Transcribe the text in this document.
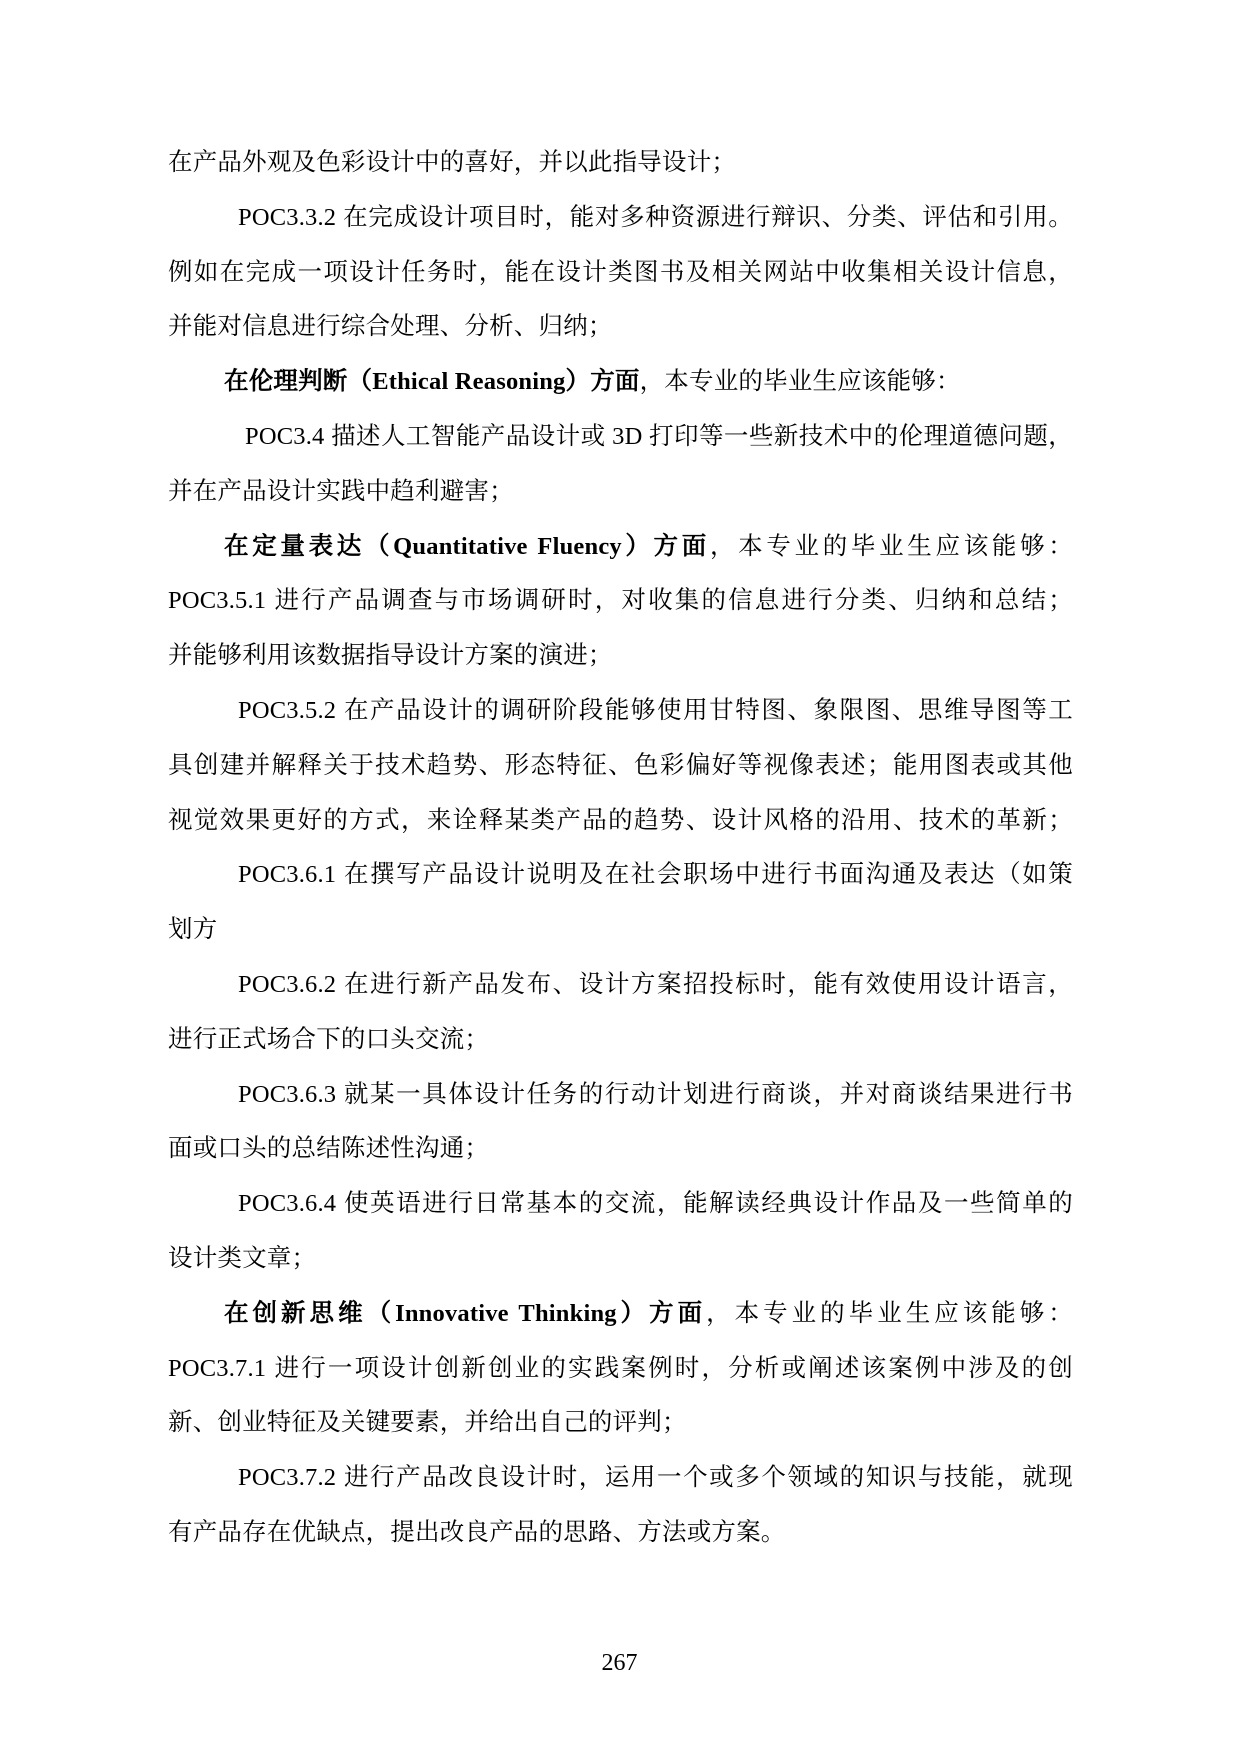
在产品外观及色彩设计中的喜好，并以此指导设计；
POC3.3.2 在完成设计项目时，能对多种资源进行辩识、分类、评估和引用。
例如在完成一项设计任务时，能在设计类图书及相关网站中收集相关设计信息，
并能对信息进行综合处理、分析、归纳；
在伦理判断（Ethical Reasoning）方面，本专业的毕业生应该能够：
POC3.4 描述人工智能产品设计或 3D 打印等一些新技术中的伦理道德问题，
并在产品设计实践中趋利避害；
在定量表达（Quantitative Fluency）方面，本专业的毕业生应该能够：
POC3.5.1 进行产品调查与市场调研时，对收集的信息进行分类、归纳和总结；
并能够利用该数据指导设计方案的演进；
POC3.5.2 在产品设计的调研阶段能够使用甘特图、象限图、思维导图等工
具创建并解释关于技术趋势、形态特征、色彩偏好等视像表述；能用图表或其他
视觉效果更好的方式，来诠释某类产品的趋势、设计风格的沿用、技术的革新；
POC3.6.1 在撰写产品设计说明及在社会职场中进行书面沟通及表达（如策
划方
POC3.6.2 在进行新产品发布、设计方案招投标时，能有效使用设计语言，
进行正式场合下的口头交流；
POC3.6.3 就某一具体设计任务的行动计划进行商谈，并对商谈结果进行书
面或口头的总结陈述性沟通；
POC3.6.4 使英语进行日常基本的交流，能解读经典设计作品及一些简单的
设计类文章；
在创新思维（Innovative Thinking）方面，本专业的毕业生应该能够：
POC3.7.1 进行一项设计创新创业的实践案例时，分析或阐述该案例中涉及的创
新、创业特征及关键要素，并给出自己的评判；
POC3.7.2 进行产品改良设计时，运用一个或多个领域的知识与技能，就现
有产品存在优缺点，提出改良产品的思路、方法或方案。
267
